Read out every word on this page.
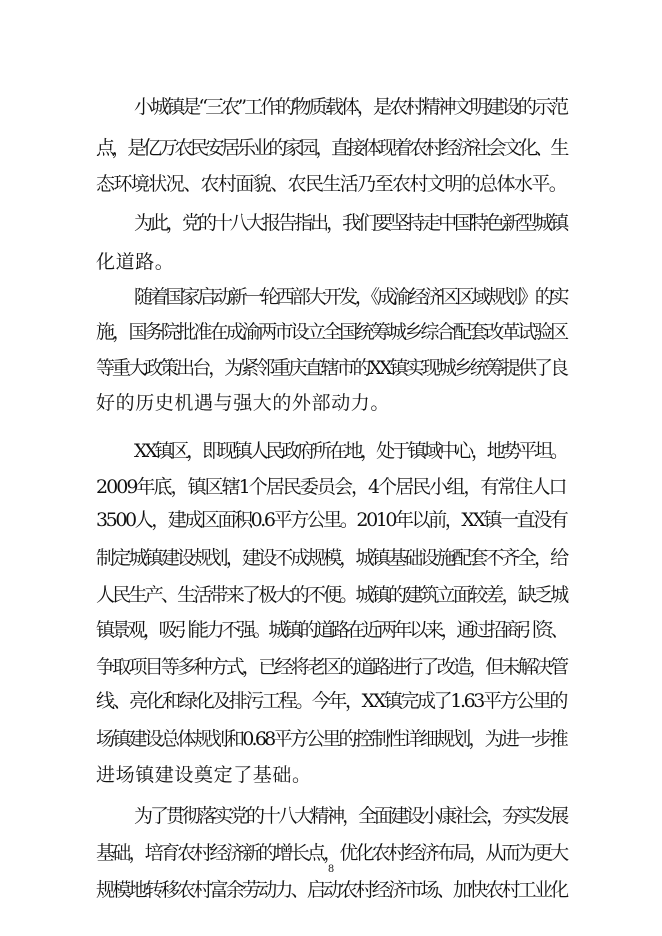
小城镇是“三农”工作的物质载体，是农村精神文明建设的示范
点，是亿万农民安居乐业的家园，直接体现着农村经济社会文化、生
态环境状况、农村面貌、农民生活乃至农村文明的总体水平。
为此，党的十八大报告指出，我们要坚持走中国特色新型城镇
化道路。
随着国家启动新一轮西部大开发，《成渝经济区区域规划》的实
施，国务院批准在成渝两市设立全国统筹城乡综合配套改革试验区
等重大政策出台，为紧邻重庆直辖市的XX镇实现城乡统筹提供了良
好的历史机遇与强大的外部动力。
XX镇区，即现镇人民政府所在地，处于镇域中心，地势平坦。
2009年底，镇区辖1个居民委员会，4个居民小组，有常住人口
3500人，建成区面积0.6平方公里。2010年以前，XX镇一直没有
制定城镇建设规划，建设不成规模，城镇基础设施配套不齐全，给
人民生产、生活带来了极大的不便。城镇的建筑立面较差，缺乏城
镇景观，吸引能力不强。城镇的道路在近两年以来，通过招商引资、
争取项目等多种方式，已经将老区的道路进行了改造，但未解决管
线、亮化和绿化及排污工程。今年，XX镇完成了1.63平方公里的
场镇建设总体规划和0.68平方公里的控制性详细规划，为进一步推
进场镇建设奠定了基础。
为了贯彻落实党的十八大精神，全面建设小康社会，夯实发展
基础，培育农村经济新的增长点，优化农村经济布局，从而为更大
规模地转移农村富余劳动力、启动农村经济市场、加快农村工业化
8
